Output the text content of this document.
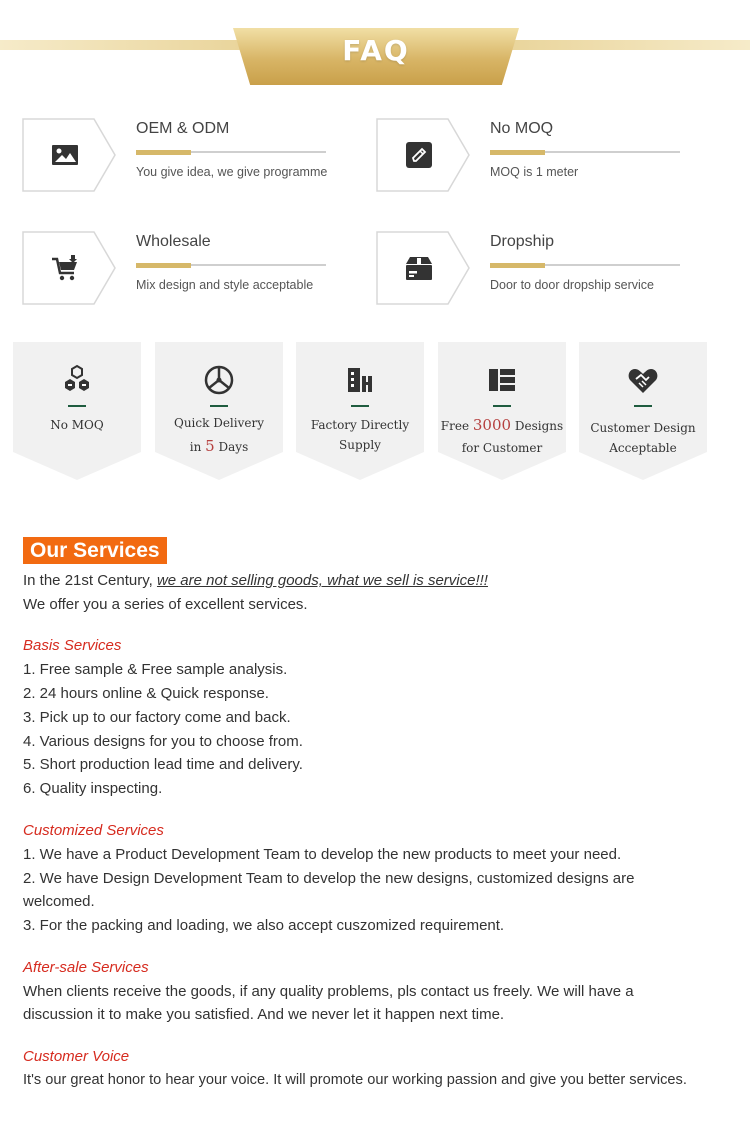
FAQ
OEM & ODM
You give idea, we give programme
No MOQ
MOQ is 1 meter
Wholesale
Mix design and style acceptable
Dropship
Door to door dropship service
No MOQ	Quick Delivery
in 5 Days
Factory Directly
Supply
Free 3000 Designs
for Customer
Customer Design
Acceptable
Our Services
In the 21st Century, we are not selling goods, what we sell is service!!!
We offer you a series of excellent services.
Basis Services
1. Free sample & Free sample analysis.
2. 24 hours online & Quick response.
3. Pick up to our factory come and back.
4. Various designs for you to choose from.
5. Short production lead time and delivery.
6. Quality inspecting.
Customized Services
1. We have a Product Development Team to develop the new products to meet your need.
2. We have Design Development Team to develop the new designs, customized designs are
welcomed.
3. For the packing and loading, we also accept cuszomized requirement.
After-sale Services
When clients receive the goods, if any quality problems, pls contact us freely. We will have a
discussion it to make you satisfied. And we never let it happen next time.
Customer Voice
It's our great honor to hear your voice. It will promote our working passion and give you better services.
